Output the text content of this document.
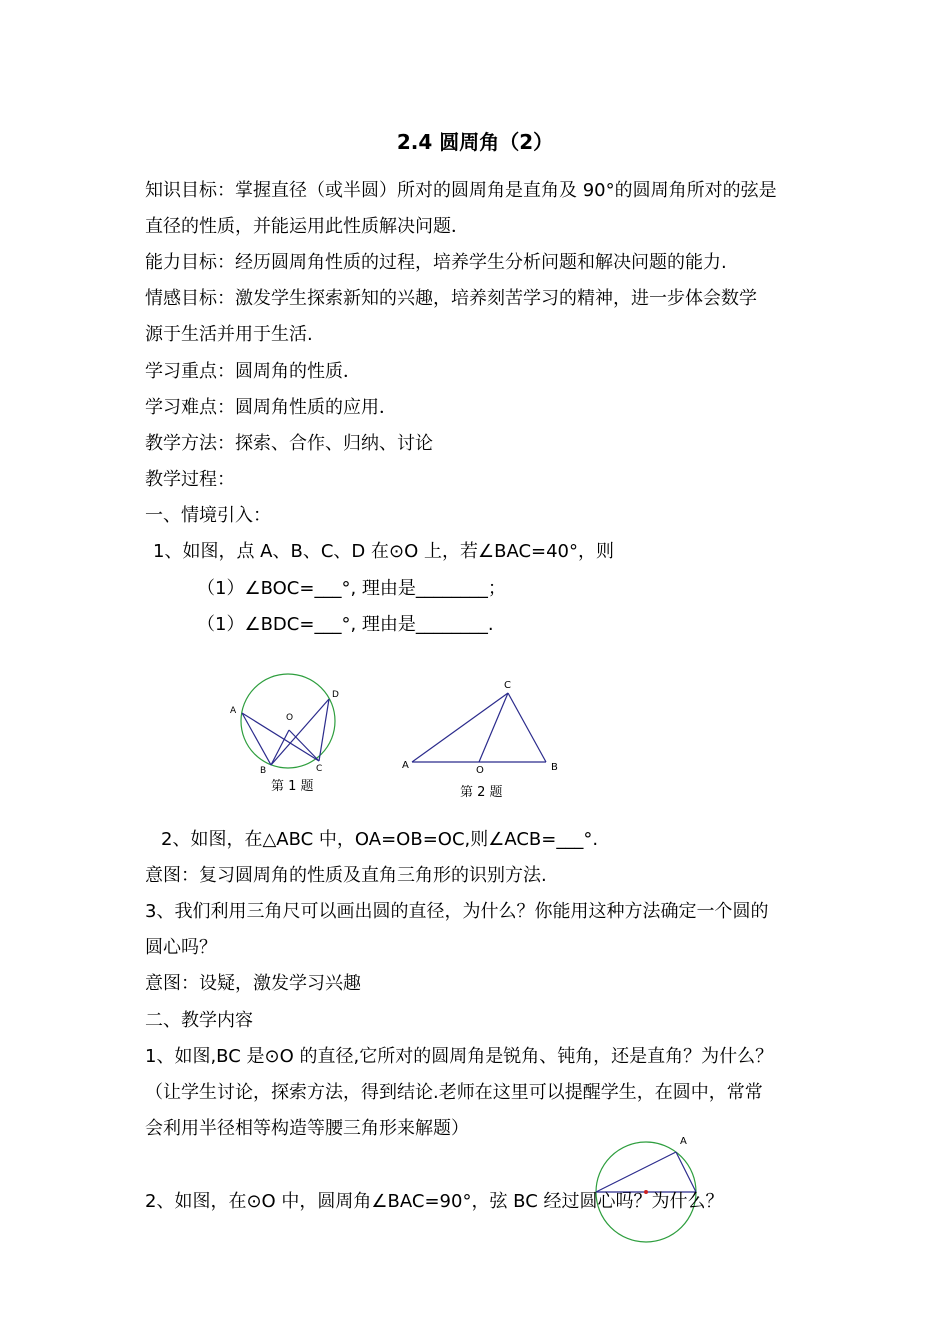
2.4 圆周角（2）
知识目标：掌握直径（或半圆）所对的圆周角是直角及 90°的圆周角所对的弦是
直径的性质，并能运用此性质解决问题．
能力目标：经历圆周角性质的过程，培养学生分析问题和解决问题的能力.
情感目标：激发学生探索新知的兴趣，培养刻苦学习的精神，进一步体会数学
源于生活并用于生活.
学习重点：圆周角的性质．
学习难点：圆周角性质的应用．
教学方法：探索、合作、归纳、讨论
教学过程：
一、情境引入：
1、如图，点 A、B、C、D 在⊙O 上，若∠BAC=40°，则
（1）∠BOC=___°, 理由是________；
（1）∠BDC=___°, 理由是________.
A
B	C
D
O
第 1 题
A	B
C
O
第 2 题
2、如图，在△ABC 中，OA=OB=OC,则∠ACB=___°.
意图：复习圆周角的性质及直角三角形的识别方法.
3、我们利用三角尺可以画出圆的直径，为什么？你能用这种方法确定一个圆的
圆心吗？
意图：设疑，激发学习兴趣
二、教学内容
1、如图,BC 是⊙O 的直径,它所对的圆周角是锐角、钝角，还是直角？为什么？
（让学生讨论，探索方法，得到结论.老师在这里可以提醒学生，在圆中，常常
会利用半径相等构造等腰三角形来解题）
A
2、如图，在⊙O 中，圆周角∠BAC=90°，弦 BC 经过圆心吗？为什么？
